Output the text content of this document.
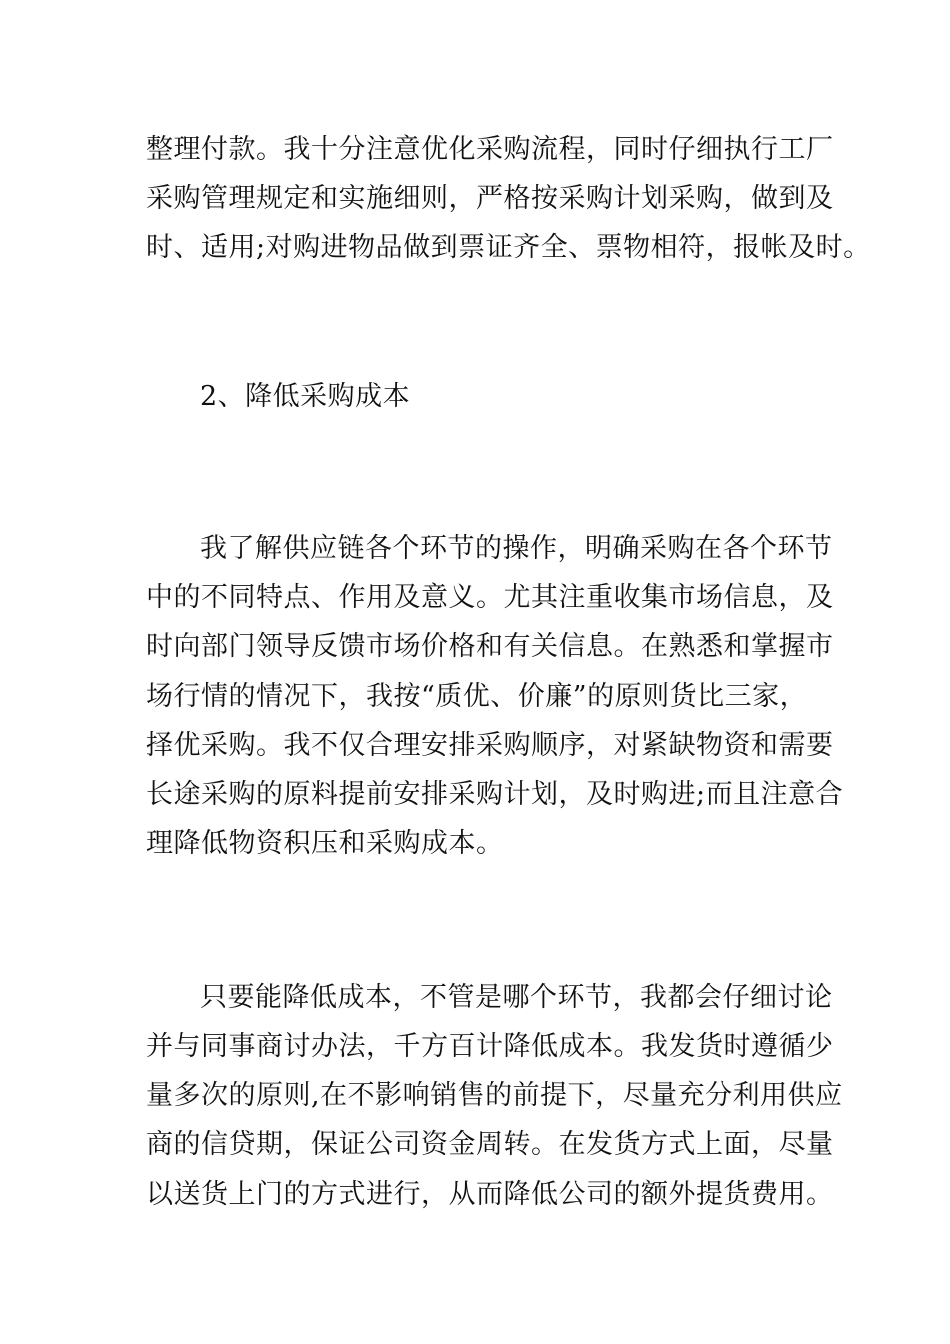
整理付款。我十分注意优化采购流程，同时仔细执行工厂
采购管理规定和实施细则，严格按采购计划采购，做到及
时、适用;对购进物品做到票证齐全、票物相符，报帐及时。
2、降低采购成本
我了解供应链各个环节的操作，明确采购在各个环节
中的不同特点、作用及意义。尤其注重收集市场信息，及
时向部门领导反馈市场价格和有关信息。在熟悉和掌握市
场行情的情况下，我按“质优、价廉”的原则货比三家，
择优采购。我不仅合理安排采购顺序，对紧缺物资和需要
长途采购的原料提前安排采购计划，及时购进;而且注意合
理降低物资积压和采购成本。
只要能降低成本，不管是哪个环节，我都会仔细讨论
并与同事商讨办法，千方百计降低成本。我发货时遵循少
量多次的原则,在不影响销售的前提下，尽量充分利用供应
商的信贷期，保证公司资金周转。在发货方式上面，尽量
以送货上门的方式进行，从而降低公司的额外提货费用。
